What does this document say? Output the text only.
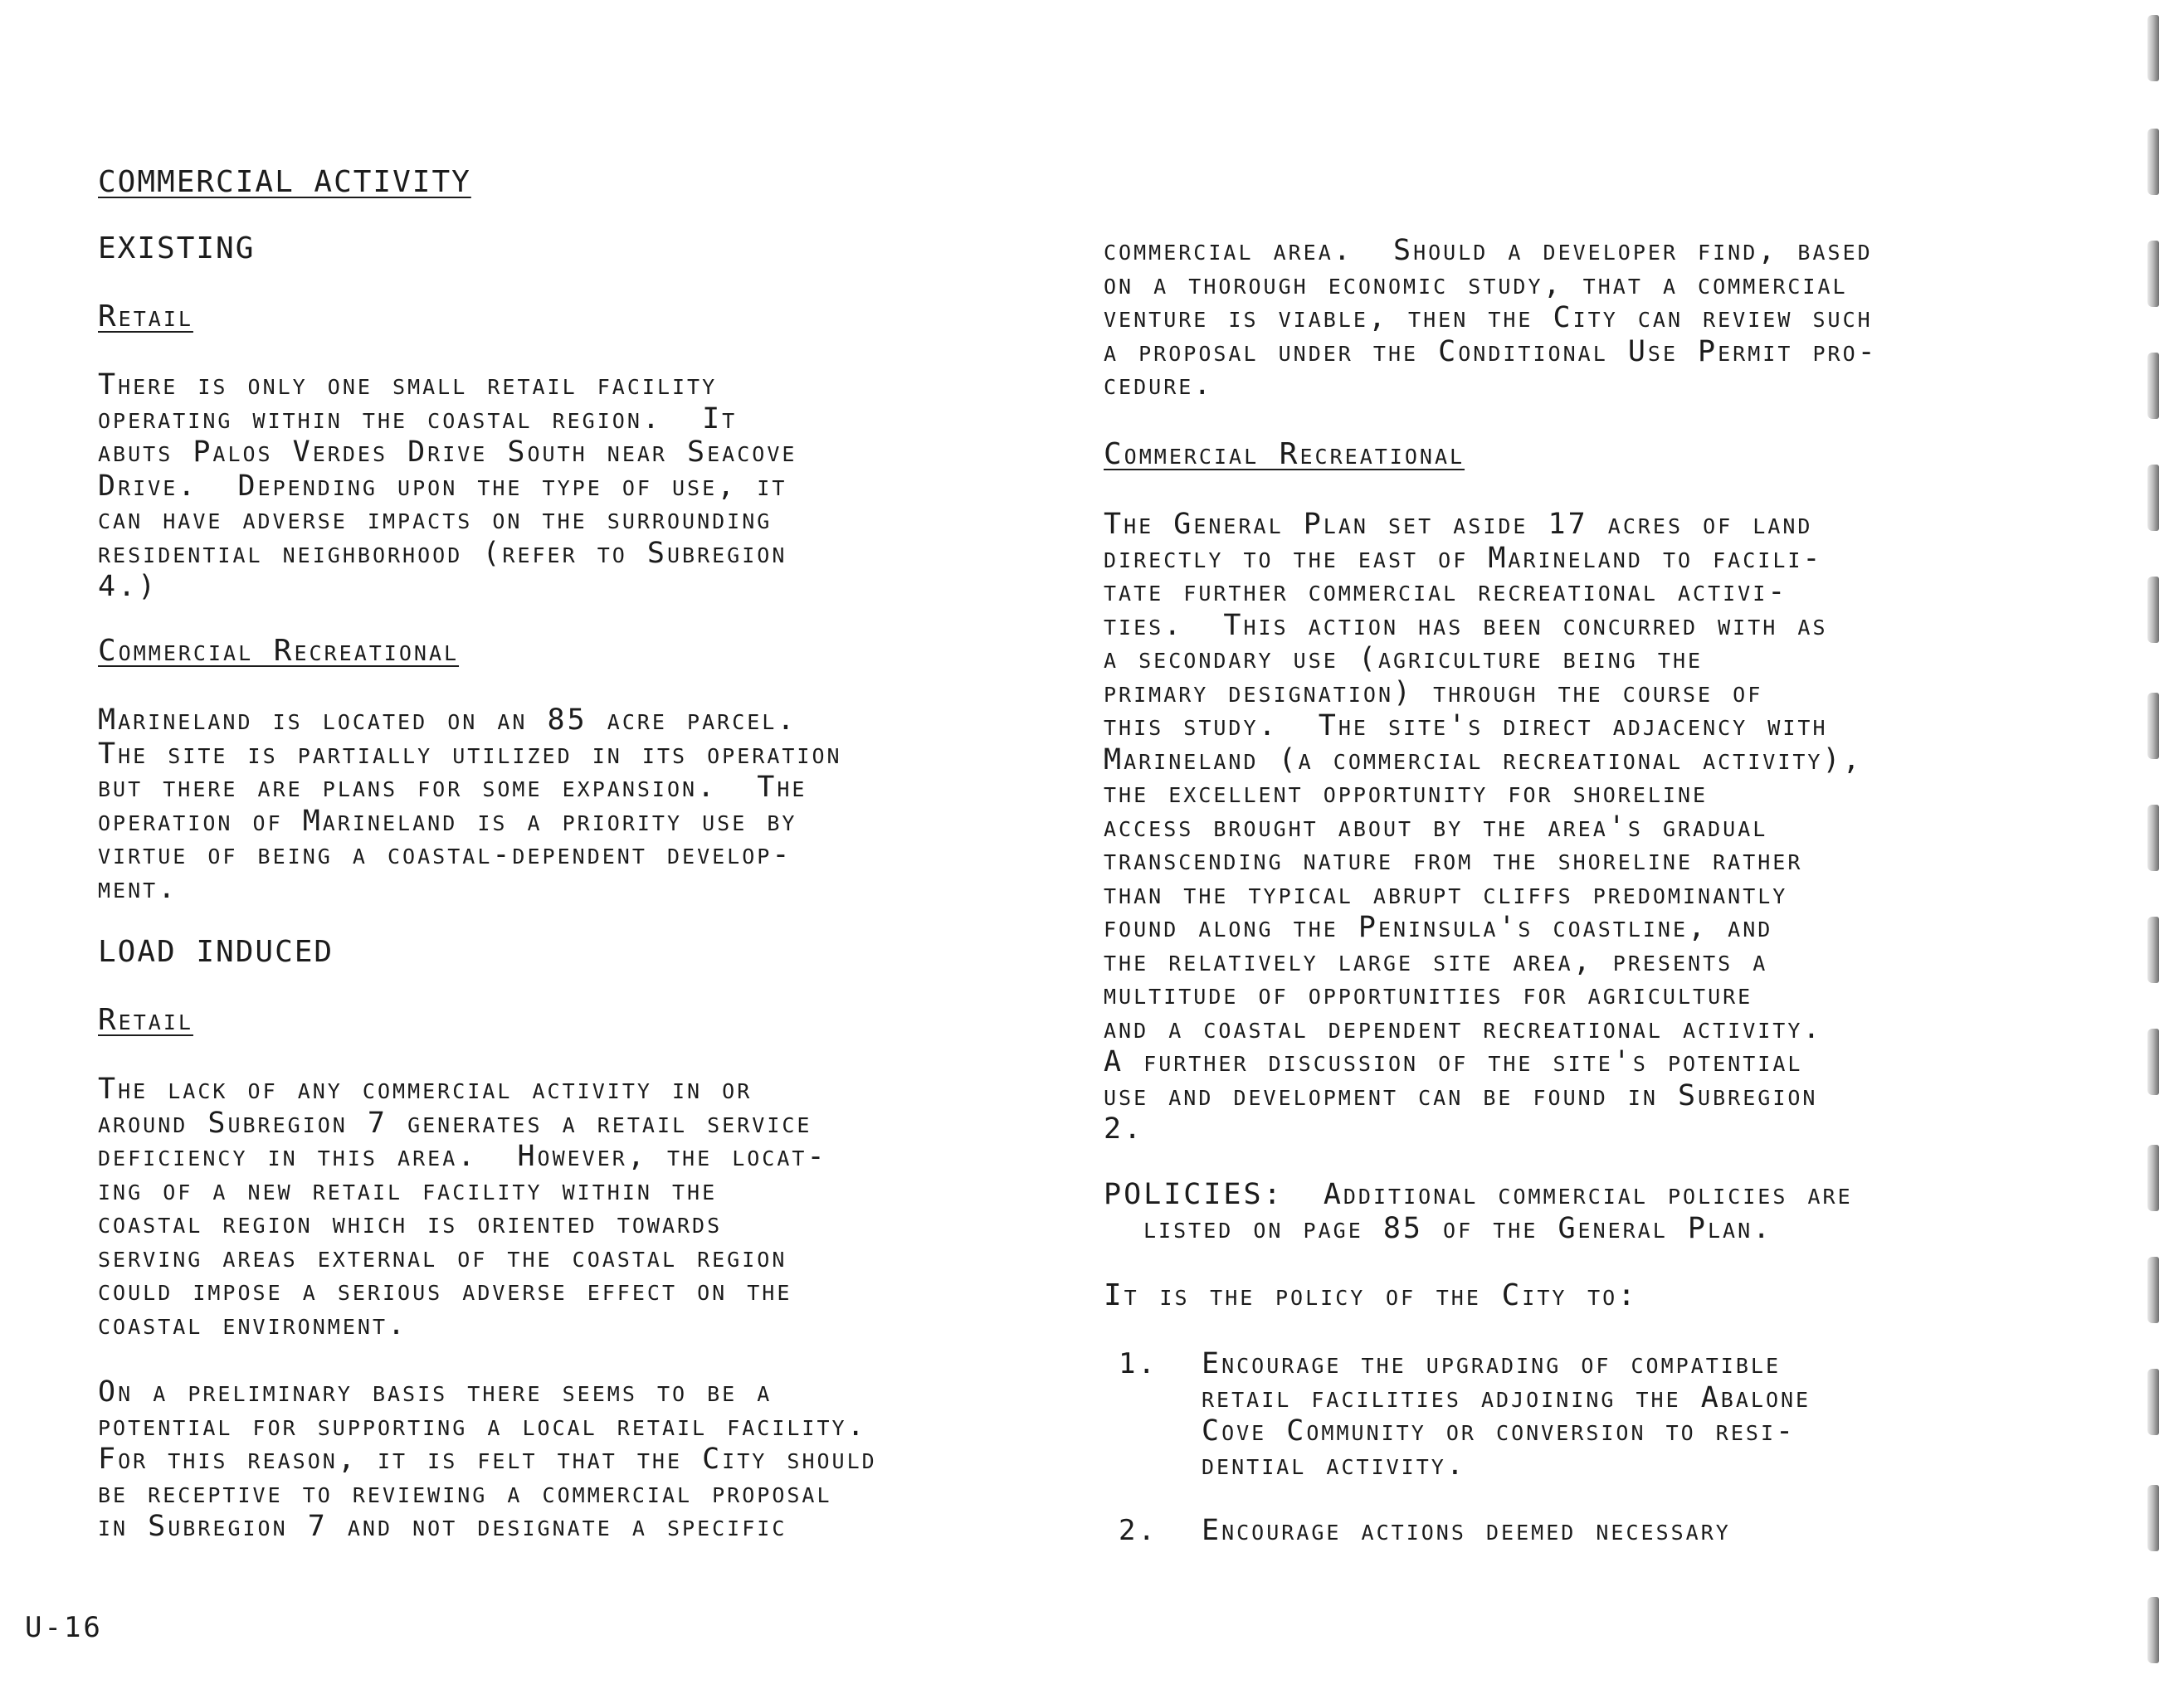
COMMERCIAL ACTIVITY

EXISTING

Retail

There is only one small retail facility
operating within the coastal region.  It
abuts Palos Verdes Drive South near Seacove
Drive.  Depending upon the type of use, it
can have adverse impacts on the surrounding
residential neighborhood (refer to Subregion
4.)

Commercial Recreational

Marineland is located on an 85 acre parcel.
The site is partially utilized in its operation
but there are plans for some expansion.  The
operation of Marineland is a priority use by
virtue of being a coastal-dependent develop-
ment.

LOAD INDUCED

Retail

The lack of any commercial activity in or
around Subregion 7 generates a retail service
deficiency in this area.  However, the locat-
ing of a new retail facility within the
coastal region which is oriented towards
serving areas external of the coastal region
could impose a serious adverse effect on the
coastal environment.
On a preliminary basis there seems to be a
potential for supporting a local retail facility.
For this reason, it is felt that the City should
be receptive to reviewing a commercial proposal
in Subregion 7 and not designate a specific
commercial area.  Should a developer find, based
on a thorough economic study, that a commercial
venture is viable, then the City can review such
a proposal under the Conditional Use Permit pro-
cedure.

Commercial Recreational

The General Plan set aside 17 acres of land
directly to the east of Marineland to facili-
tate further commercial recreational activi-
ties.  This action has been concurred with as
a secondary use (agriculture being the
primary designation) through the course of
this study.  The site's direct adjacency with
Marineland (a commercial recreational activity),
the excellent opportunity for shoreline
access brought about by the area's gradual
transcending nature from the shoreline rather
than the typical abrupt cliffs predominantly
found along the Peninsula's coastline, and
the relatively large site area, presents a
multitude of opportunities for agriculture
and a coastal dependent recreational activity.
A further discussion of the site's potential
use and development can be found in Subregion
2.
POLICIES: Additional commercial policies are
listed on page 85 of the General Plan.

It is the policy of the City to:

1. Encourage the upgrading of compatible
retail facilities adjoining the Abalone
Cove Community or conversion to resi-
dential activity.
2. Encourage actions deemed necessary

U-16
